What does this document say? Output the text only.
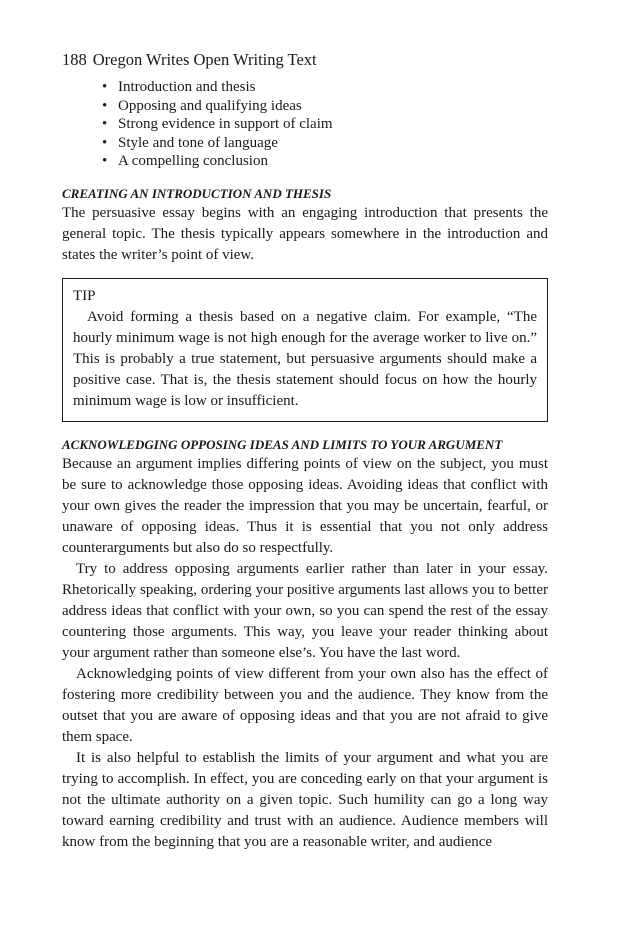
188 Oregon Writes Open Writing Text
• Introduction and thesis
• Opposing and qualifying ideas
• Strong evidence in support of claim
• Style and tone of language
• A compelling conclusion
CREATING AN INTRODUCTION AND THESIS

The persuasive essay begins with an engaging introduction that presents the general topic. The thesis typically appears somewhere in the introduction and states the writer’s point of view.

TIP

Avoid forming a thesis based on a negative claim. For example, “The hourly minimum wage is not high enough for the average worker to live on.” This is probably a true statement, but persuasive arguments should make a positive case. That is, the thesis statement should focus on how the hourly minimum wage is low or insufficient.

ACKNOWLEDGING OPPOSING IDEAS AND LIMITS TO YOUR ARGUMENT

Because an argument implies differing points of view on the subject, you must be sure to acknowledge those opposing ideas. Avoiding ideas that conflict with your own gives the reader the impression that you may be uncertain, fearful, or unaware of opposing ideas. Thus it is essential that you not only address counterarguments but also do so respectfully.

Try to address opposing arguments earlier rather than later in your essay. Rhetorically speaking, ordering your positive arguments last allows you to better address ideas that conflict with your own, so you can spend the rest of the essay countering those arguments. This way, you leave your reader thinking about your argument rather than someone else’s. You have the last word.

Acknowledging points of view different from your own also has the effect of fostering more credibility between you and the audience. They know from the outset that you are aware of opposing ideas and that you are not afraid to give them space.

It is also helpful to establish the limits of your argument and what you are trying to accomplish. In effect, you are conceding early on that your argument is not the ultimate authority on a given topic. Such humility can go a long way toward earning credibility and trust with an audience. Audience members will know from the beginning that you are a reasonable writer, and audience
